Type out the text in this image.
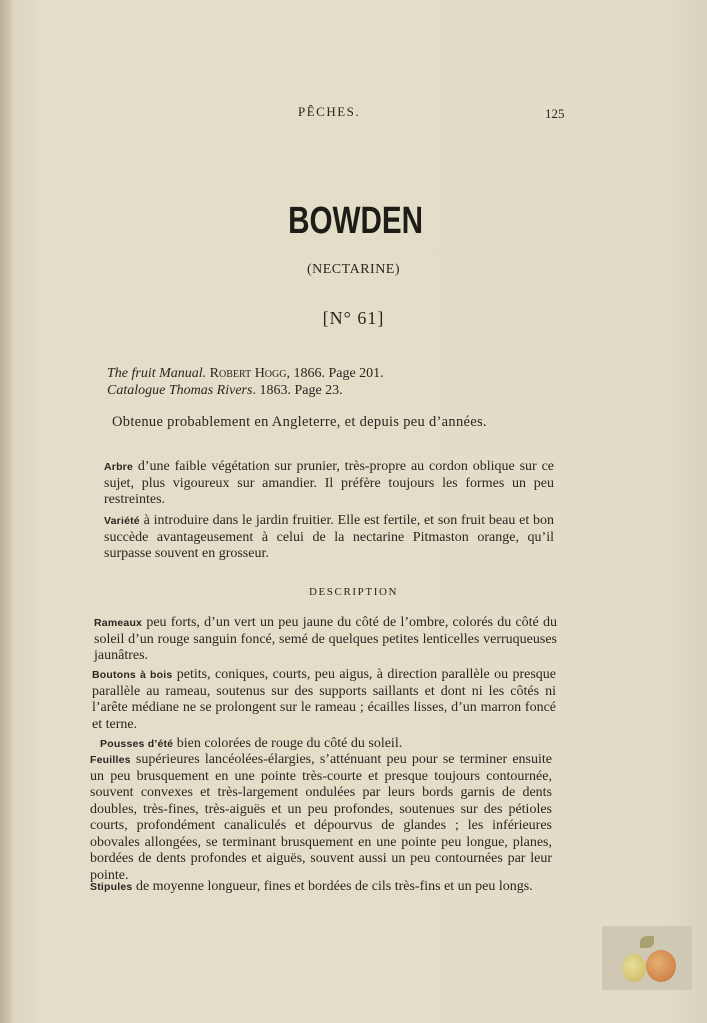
PÊCHES.	125
BOWDEN
(NECTARINE)
[N° 61]
The fruit Manual. Robert Hogg, 1866. Page 201.
Catalogue Thomas Rivers. 1863. Page 23.
Obtenue probablement en Angleterre, et depuis peu d’années.
Arbre d’une faible végétation sur prunier, très-propre au cordon oblique sur ce sujet, plus vigoureux sur amandier. Il préfère toujours les formes un peu restreintes.
Variété à introduire dans le jardin fruitier. Elle est fertile, et son fruit beau et bon succède avantageusement à celui de la nectarine Pitmaston orange, qu’il surpasse souvent en grosseur.
DESCRIPTION
Rameaux peu forts, d’un vert un peu jaune du côté de l’ombre, colorés du côté du soleil d’un rouge sanguin foncé, semé de quelques petites lenticelles verruqueuses jaunâtres.
Boutons à bois petits, coniques, courts, peu aigus, à direction parallèle ou presque parallèle au rameau, soutenus sur des supports saillants et dont ni les côtés ni l’arête médiane ne se prolongent sur le rameau ; écailles lisses, d’un marron foncé et terne.
Pousses d’été bien colorées de rouge du côté du soleil.
Feuilles supérieures lancéolées-élargies, s’atténuant peu pour se terminer ensuite un peu brusquement en une pointe très-courte et presque toujours contournée, souvent convexes et très-largement ondulées par leurs bords garnis de dents doubles, très-fines, très-aiguës et un peu profondes, soutenues sur des pétioles courts, profondément canaliculés et dépourvus de glandes ; les inférieures obovales allongées, se terminant brusquement en une pointe peu longue, planes, bordées de dents profondes et aiguës, souvent aussi un peu contournées par leur pointe.
Stipules de moyenne longueur, fines et bordées de cils très-fins et un peu longs.
